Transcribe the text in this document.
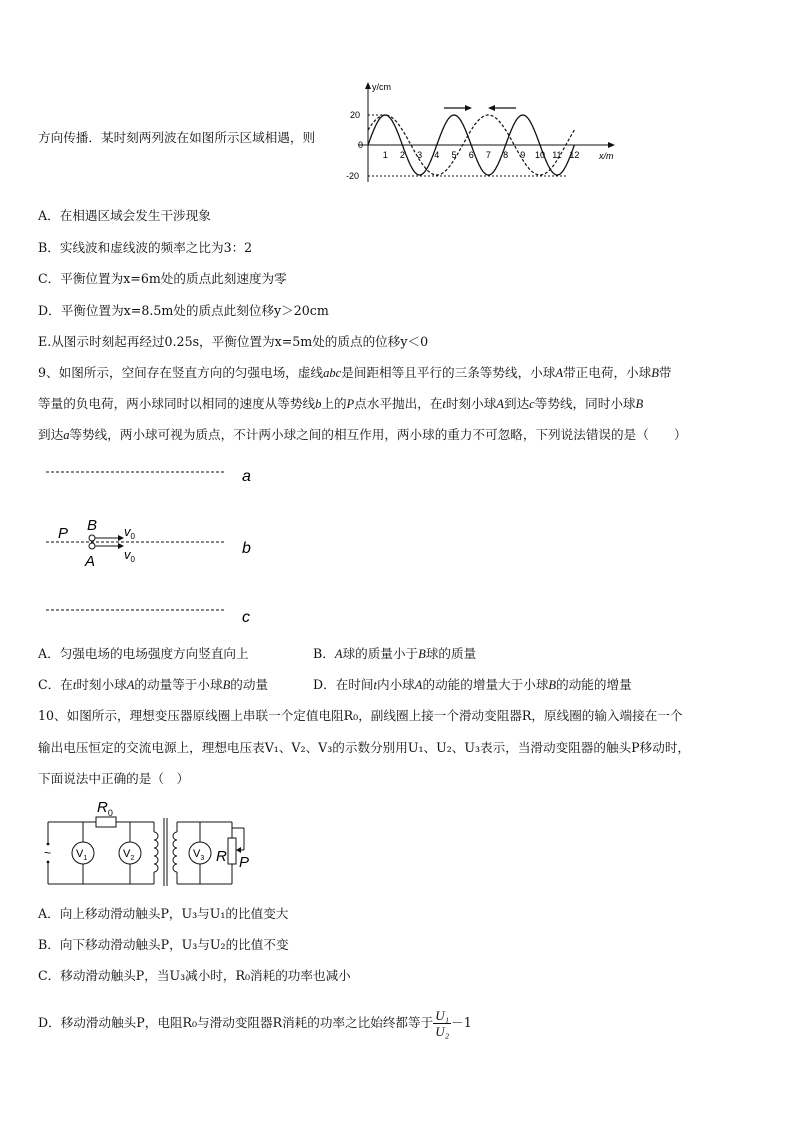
方向传播．某时刻两列波在如图所示区域相遇，则
y/cm
20
0
-20
x/m
1 2 3 4 5 6 7 8 9 10 11 12
A．在相遇区域会发生干涉现象
B．实线波和虚线波的频率之比为3：2
C．平衡位置为x=6m处的质点此刻速度为零
D．平衡位置为x=8.5m处的质点此刻位移y＞20cm
E.从图示时刻起再经过0.25s，平衡位置为x=5m处的质点的位移y＜0
9、如图所示，空间存在竖直方向的匀强电场，虚线abc是间距相等且平行的三条等势线，小球A带正电荷，小球B带
等量的负电荷，两小球同时以相同的速度从等势线b上的P点水平抛出，在t时刻小球A到达c等势线，同时小球B
到达a等势线，两小球可视为质点，不计两小球之间的相互作用，两小球的重力不可忽略，下列说法错误的是（　　）
a
b
c
P B
A
$v_0$
$v_0$
A．匀强电场的电场强度方向竖直向上	B．A球的质量小于B球的质量
C．在t时刻小球A的动量等于小球B的动量	D．在时间t内小球A的动能的增量大于小球B的动能的增量
10、如图所示，理想变压器原线圈上串联一个定值电阻R₀，副线圈上接一个滑动变阻器R，原线圈的输入端接在一个
输出电压恒定的交流电源上，理想电压表V₁、V₂、V₃的示数分别用U₁、U₂、U₃表示，当滑动变阻器的触头P移动时，
下面说法中正确的是（　）
~ $V_1$	$V_2$	$V_3$ R P
$R_0$
A．向上移动滑动触头P，U₃与U₁的比值变大
B．向下移动滑动触头P，U₃与U₂的比值不变
C．移动滑动触头P，当U₃减小时，R₀消耗的功率也减小
D．移动滑动触头P，电阻R₀与滑动变阻器R消耗的功率之比始终都等于 $\frac{\text{U₁}}{\text{U₂}} -1$
